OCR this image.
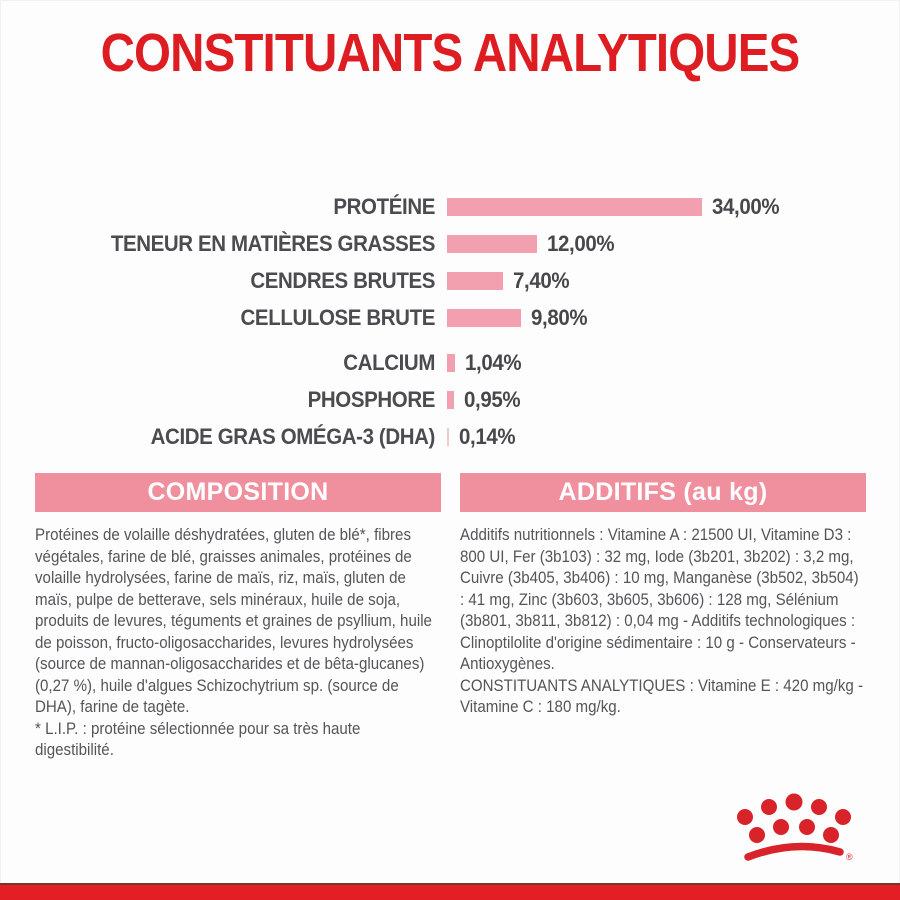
CONSTITUANTS ANALYTIQUES
PROTÉINE	34,00%
TENEUR EN MATIÈRES GRASSES	12,00%
CENDRES BRUTES	7,40%
CELLULOSE BRUTE	9,80%
CALCIUM 1,04%
PHOSPHORE 0,95%
ACIDE GRAS OMÉGA-3 (DHA) 0,14%
COMPOSITION

Protéines de volaille déshydratées, gluten de blé*, fibres végétales, farine de blé, graisses animales, protéines de volaille hydrolysées, farine de maïs, riz, maïs, gluten de maïs, pulpe de betterave, sels minéraux, huile de soja, produits de levures, téguments et graines de psyllium, huile de poisson, fructo-oligosaccharides, levures hydrolysées (source de mannan-oligosaccharides et de bêta-glucanes) (0,27 %), huile d'algues Schizochytrium sp. (source de DHA), farine de tagète.

* L.I.P. : protéine sélectionnée pour sa très haute digestibilité.

ADDITIFS (au kg)

Additifs nutritionnels : Vitamine A : 21500 UI, Vitamine D3 : 800 UI, Fer (3b103) : 32 mg, Iode (3b201, 3b202) : 3,2 mg, Cuivre (3b405, 3b406) : 10 mg, Manganèse (3b502, 3b504) : 41 mg, Zinc (3b603, 3b605, 3b606) : 128 mg, Sélénium (3b801, 3b811, 3b812) : 0,04 mg - Additifs technologiques : Clinoptilolite d'origine sédimentaire : 10 g - Conservateurs - Antioxygènes.

CONSTITUANTS ANALYTIQUES : Vitamine E : 420 mg/kg - Vitamine C : 180 mg/kg.

®
